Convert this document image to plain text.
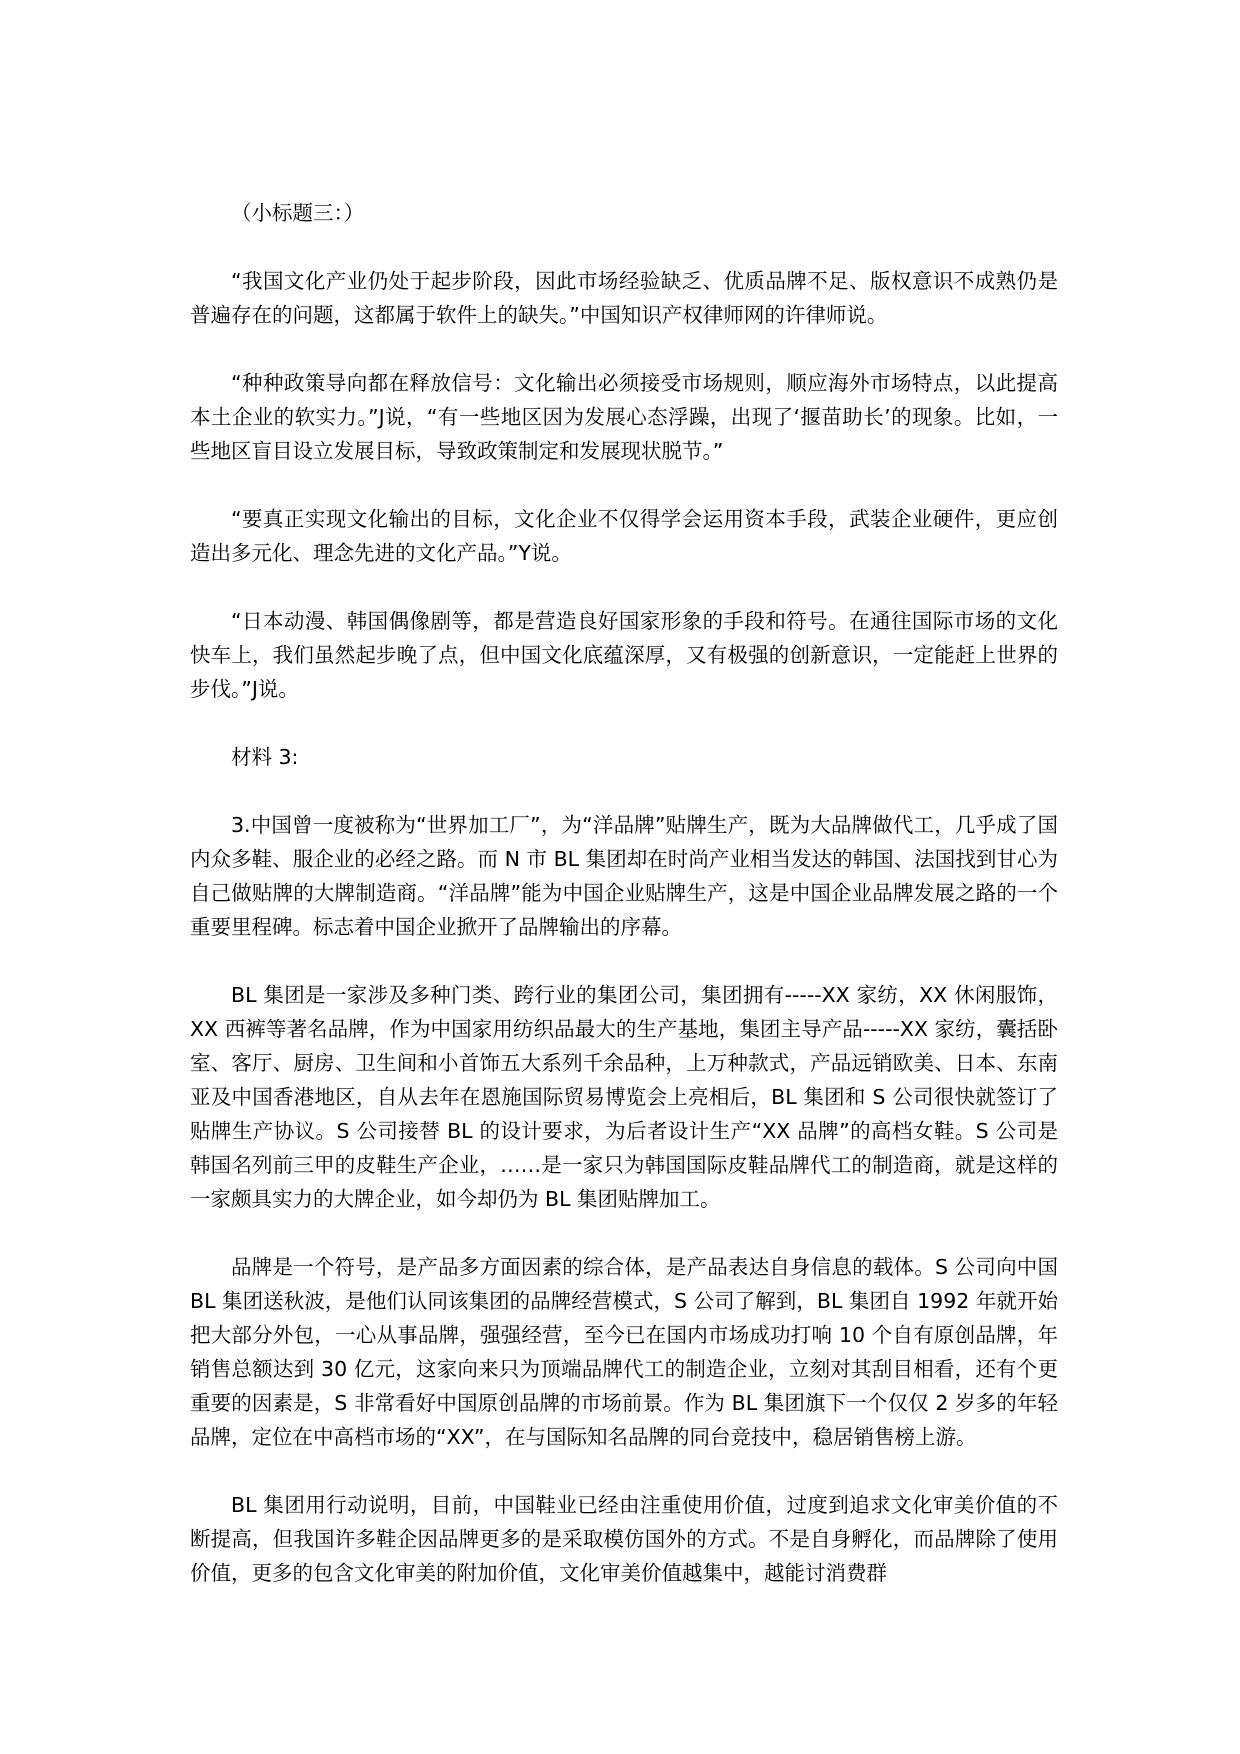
（小标题三：）

“我国文化产业仍处于起步阶段，因此市场经验缺乏、优质品牌不足、版权意识不成熟仍是普遍存在的问题，这都属于软件上的缺失。”中国知识产权律师网的许律师说。

“种种政策导向都在释放信号：文化输出必须接受市场规则，顺应海外市场特点，以此提高本土企业的软实力。”J说，“有一些地区因为发展心态浮躁，出现了‘揠苗助长’的现象。比如，一些地区盲目设立发展目标，导致政策制定和发展现状脱节。”

“要真正实现文化输出的目标，文化企业不仅得学会运用资本手段，武装企业硬件，更应创造出多元化、理念先进的文化产品。”Y说。

“日本动漫、韩国偶像剧等，都是营造良好国家形象的手段和符号。在通往国际市场的文化快车上，我们虽然起步晚了点，但中国文化底蕴深厚，又有极强的创新意识，一定能赶上世界的步伐。”J说。

材料 3:

3.中国曾一度被称为“世界加工厂”，为“洋品牌”贴牌生产，既为大品牌做代工，几乎成了国内众多鞋、服企业的必经之路。而 N 市 BL 集团却在时尚产业相当发达的韩国、法国找到甘心为自己做贴牌的大牌制造商。“洋品牌”能为中国企业贴牌生产，这是中国企业品牌发展之路的一个重要里程碑。标志着中国企业掀开了品牌输出的序幕。

BL 集团是一家涉及多种门类、跨行业的集团公司，集团拥有-----XX 家纺，XX 休闲服饰，XX 西裤等著名品牌，作为中国家用纺织品最大的生产基地，集团主导产品-----XX 家纺，囊括卧室、客厅、厨房、卫生间和小首饰五大系列千余品种，上万种款式，产品远销欧美、日本、东南亚及中国香港地区，自从去年在恩施国际贸易博览会上亮相后，BL 集团和 S 公司很快就签订了贴牌生产协议。S 公司接替 BL 的设计要求，为后者设计生产“XX 品牌”的高档女鞋。S 公司是韩国名列前三甲的皮鞋生产企业，……是一家只为韩国国际皮鞋品牌代工的制造商，就是这样的一家颇具实力的大牌企业，如今却仍为 BL 集团贴牌加工。

品牌是一个符号，是产品多方面因素的综合体，是产品表达自身信息的载体。S 公司向中国 BL 集团送秋波，是他们认同该集团的品牌经营模式，S 公司了解到，BL 集团自 1992 年就开始把大部分外包，一心从事品牌，强强经营，至今已在国内市场成功打响 10 个自有原创品牌，年销售总额达到 30 亿元，这家向来只为顶端品牌代工的制造企业，立刻对其刮目相看，还有个更重要的因素是，S 非常看好中国原创品牌的市场前景。作为 BL 集团旗下一个仅仅 2 岁多的年轻品牌，定位在中高档市场的“XX”，在与国际知名品牌的同台竞技中，稳居销售榜上游。

BL 集团用行动说明，目前，中国鞋业已经由注重使用价值，过度到追求文化审美价值的不断提高，但我国许多鞋企因品牌更多的是采取模仿国外的方式。不是自身孵化，而品牌除了使用价值，更多的包含文化审美的附加价值，文化审美价值越集中，越能讨消费群
